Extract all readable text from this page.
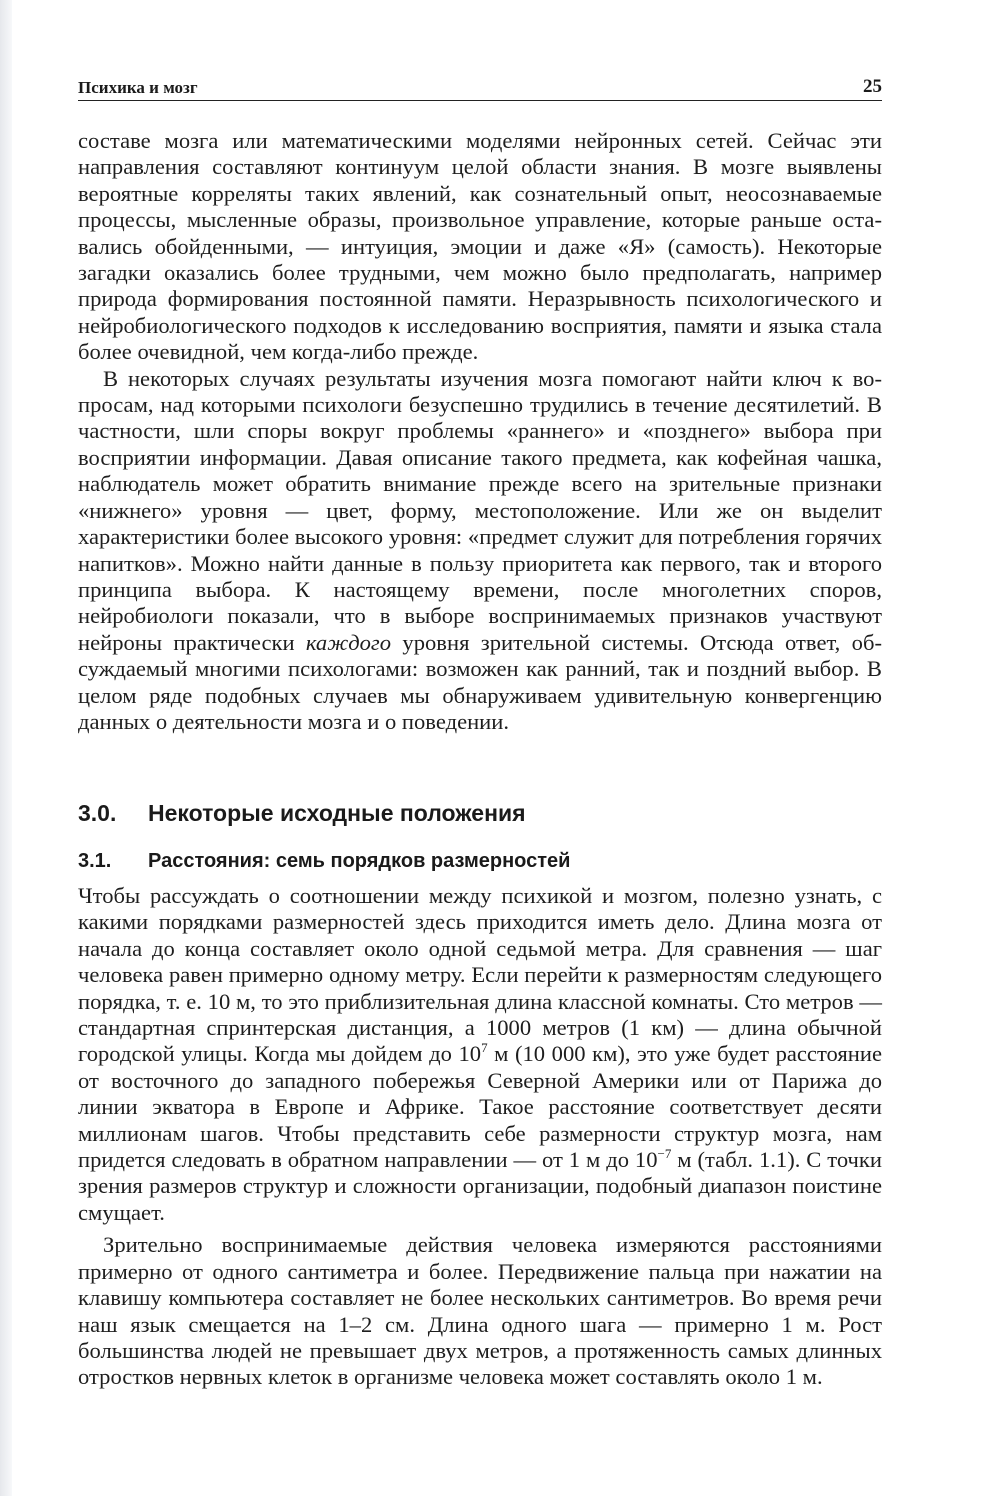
Психика и мозг	25

составе мозга или математическими моделями нейронных сетей. Сейчас эти направления составляют континуум целой области знания. В мозге выявлены вероятные корреляты таких явлений, как сознательный опыт, неосознаваемые процессы, мысленные образы, произвольное управление, которые раньше оставались обойденными, — интуиция, эмоции и даже «Я» (самость). Некоторые загадки оказались более трудными, чем можно было предполагать, например природа формирования постоянной памяти. Неразрывность психологического и нейробиологического подходов к исследованию восприятия, памяти и языка стала более очевидной, чем когда-либо прежде.

В некоторых случаях результаты изучения мозга помогают найти ключ к вопросам, над которыми психологи безуспешно трудились в течение десятилетий. В частности, шли споры вокруг проблемы «раннего» и «позднего» выбора при восприятии информации. Давая описание такого предмета, как кофейная чашка, наблюдатель может обратить внимание прежде всего на зрительные признаки «нижнего» уровня — цвет, форму, местоположение. Или же он выделит характеристики более высокого уровня: «предмет служит для потребления горячих напитков». Можно найти данные в пользу приоритета как первого, так и второго принципа выбора. К настоящему времени, после многолетних споров, нейробиологи показали, что в выборе воспринимаемых признаков участвуют нейроны практически каждого уровня зрительной системы. Отсюда ответ, обсуждаемый многими психологами: возможен как ранний, так и поздний выбор. В целом ряде подобных случаев мы обнаруживаем удивительную конвергенцию данных о деятельности мозга и о поведении.

3.0. Некоторые исходные положения
3.1. Расстояния: семь порядков размерностей

Чтобы рассуждать о соотношении между психикой и мозгом, полезно узнать, с какими порядками размерностей здесь приходится иметь дело. Длина мозга от начала до конца составляет около одной седьмой метра. Для сравнения — шаг человека равен примерно одному метру. Если перейти к размерностям следующего порядка, т. е. 10 м, то это приблизительная длина классной комнаты. Сто метров — стандартная спринтерская дистанция, а 1000 метров (1 км) — длина обычной городской улицы. Когда мы дойдем до $10^7$ м (10 000 км), это уже будет расстояние от восточного до западного побережья Северной Америки или от Парижа до линии экватора в Европе и Африке. Такое расстояние соответствует десяти миллионам шагов. Чтобы представить себе размерности структур мозга, нам придется следовать в обратном направлении — от 1 м до $10^{-7}$ м (табл. 1.1). С точки зрения размеров структур и сложности организации, подобный диапазон поистине смущает.

Зрительно воспринимаемые действия человека измеряются расстояниями примерно от одного сантиметра и более. Передвижение пальца при нажатии на клавишу компьютера составляет не более нескольких сантиметров. Во время речи наш язык смещается на 1–2 см. Длина одного шага — примерно 1 м. Рост большинства людей не превышает двух метров, а протяженность самых длинных отростков нервных клеток в организме человека может составлять около 1 м.
